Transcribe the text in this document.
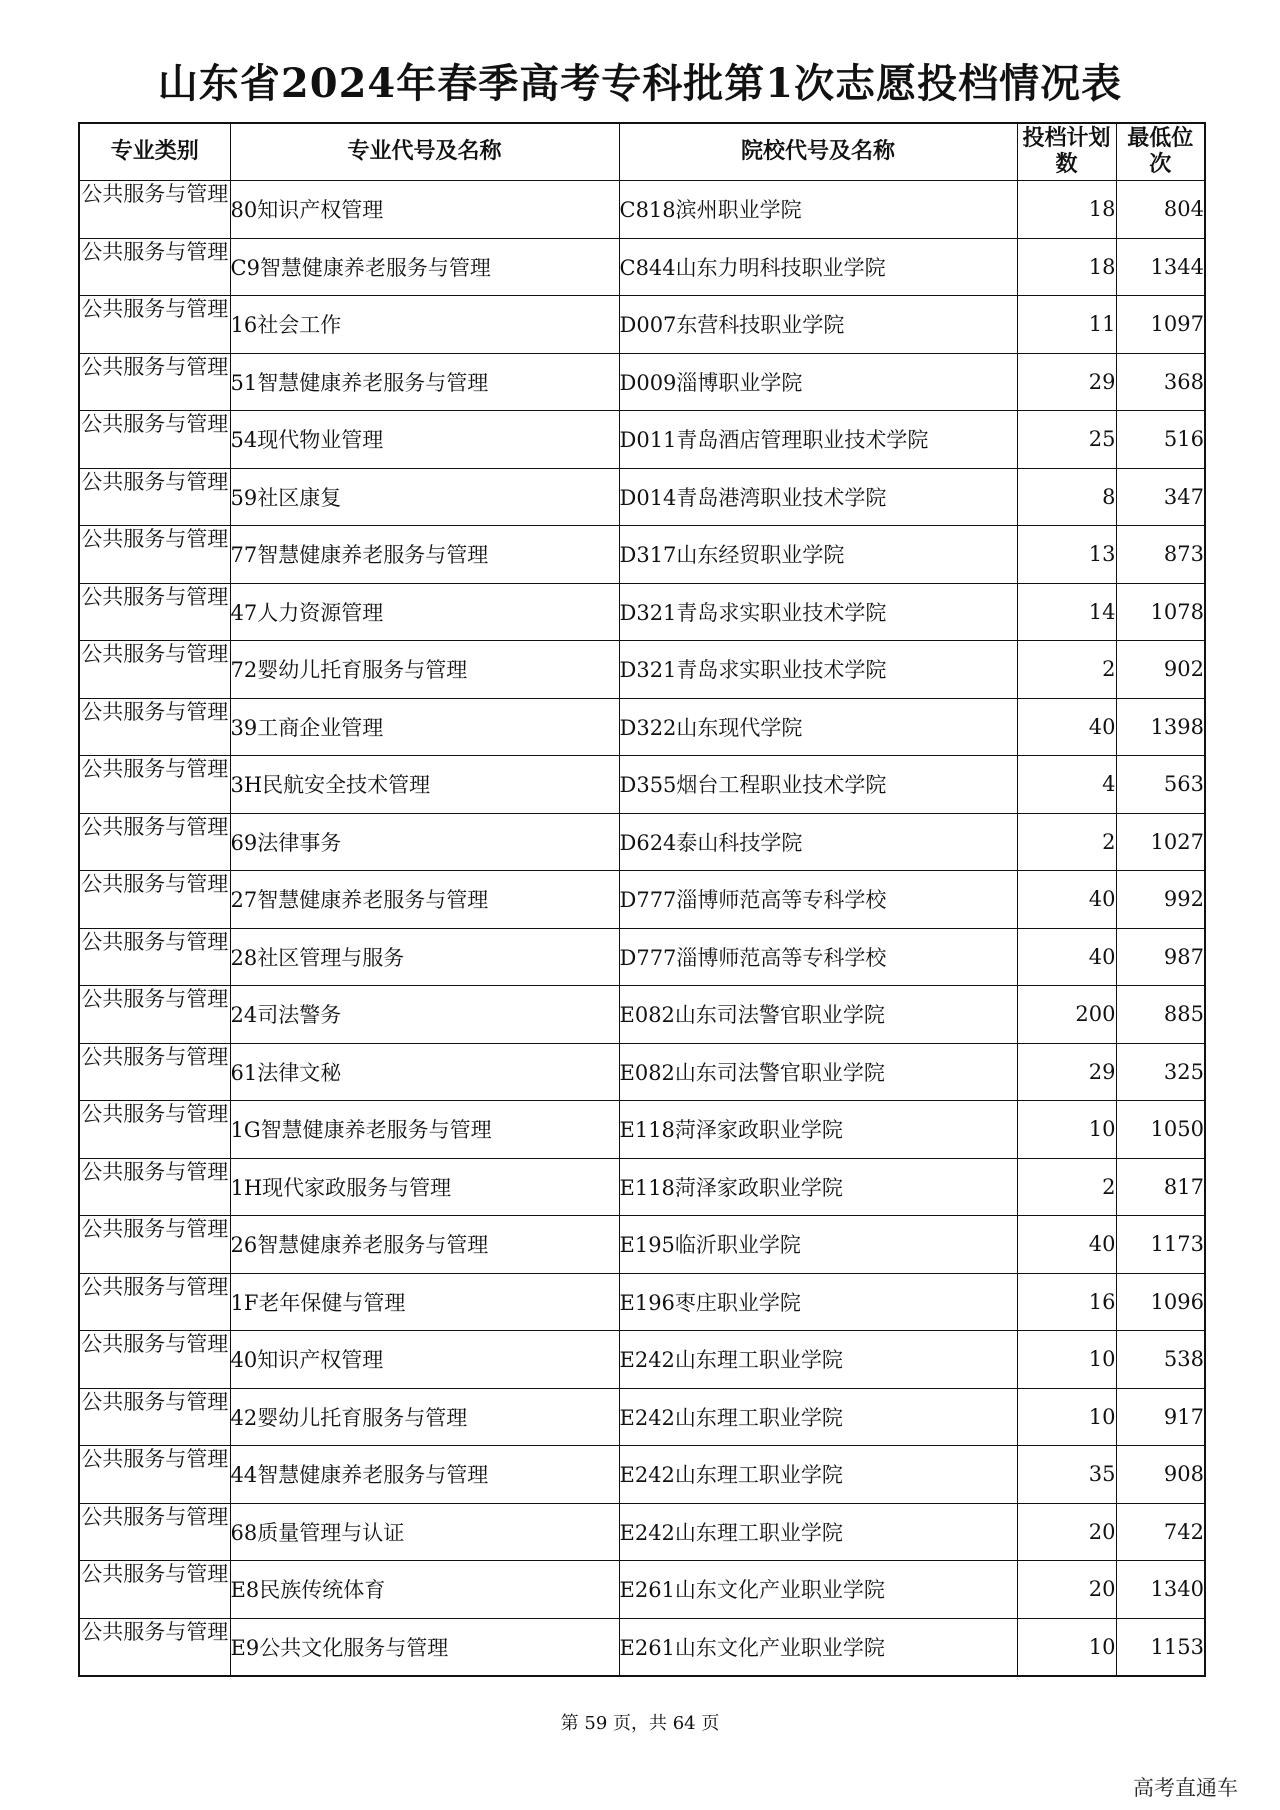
山东省2024年春季高考专科批第1次志愿投档情况表
专业类别	专业代号及名称	院校代号及名称	投档计划数	最低位次
公共服务与管理	80知识产权管理	C818滨州职业学院	18	804
公共服务与管理	C9智慧健康养老服务与管理	C844山东力明科技职业学院	18	1344
公共服务与管理	16社会工作	D007东营科技职业学院	11	1097
公共服务与管理	51智慧健康养老服务与管理	D009淄博职业学院	29	368
公共服务与管理	54现代物业管理	D011青岛酒店管理职业技术学院	25	516
公共服务与管理	59社区康复	D014青岛港湾职业技术学院	8	347
公共服务与管理	77智慧健康养老服务与管理	D317山东经贸职业学院	13	873
公共服务与管理	47人力资源管理	D321青岛求实职业技术学院	14	1078
公共服务与管理	72婴幼儿托育服务与管理	D321青岛求实职业技术学院	2	902
公共服务与管理	39工商企业管理	D322山东现代学院	40	1398
公共服务与管理	3H民航安全技术管理	D355烟台工程职业技术学院	4	563
公共服务与管理	69法律事务	D624泰山科技学院	2	1027
公共服务与管理	27智慧健康养老服务与管理	D777淄博师范高等专科学校	40	992
公共服务与管理	28社区管理与服务	D777淄博师范高等专科学校	40	987
公共服务与管理	24司法警务	E082山东司法警官职业学院	200	885
公共服务与管理	61法律文秘	E082山东司法警官职业学院	29	325
公共服务与管理	1G智慧健康养老服务与管理	E118菏泽家政职业学院	10	1050
公共服务与管理	1H现代家政服务与管理	E118菏泽家政职业学院	2	817
公共服务与管理	26智慧健康养老服务与管理	E195临沂职业学院	40	1173
公共服务与管理	1F老年保健与管理	E196枣庄职业学院	16	1096
公共服务与管理	40知识产权管理	E242山东理工职业学院	10	538
公共服务与管理	42婴幼儿托育服务与管理	E242山东理工职业学院	10	917
公共服务与管理	44智慧健康养老服务与管理	E242山东理工职业学院	35	908
公共服务与管理	68质量管理与认证	E242山东理工职业学院	20	742
公共服务与管理	E8民族传统体育	E261山东文化产业职业学院	20	1340
公共服务与管理	E9公共文化服务与管理	E261山东文化产业职业学院	10	1153
第 59 页，共 64 页
高考直通车
